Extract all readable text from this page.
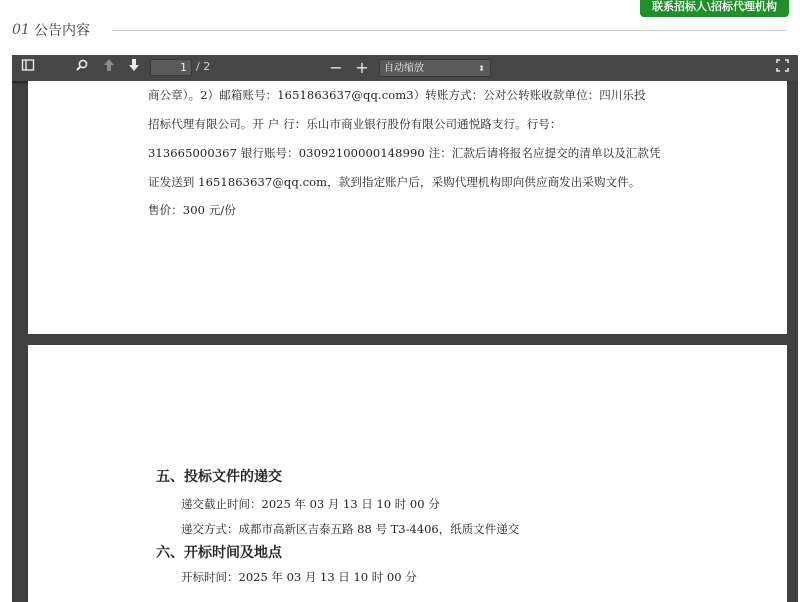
01 公告内容
联系招标人\招标代理机构
1 / 2	− +	自动缩放	⬍
商公章）。2）邮箱账号：1651863637@qq.com3）转账方式：公对公转账收款单位：四川乐投
招标代理有限公司。开 户 行：乐山市商业银行股份有限公司通悦路支行。行号：
313665000367 银行账号：03092100000148990 注：汇款后请将报名应提交的清单以及汇款凭
证发送到 1651863637@qq.com，款到指定账户后，采购代理机构即向供应商发出采购文件。
售价：300 元/份
五、投标文件的递交
递交截止时间：2025 年 03 月 13 日 10 时 00 分
递交方式：成都市高新区吉泰五路 88 号 T3-4406，纸质文件递交
六、开标时间及地点
开标时间：2025 年 03 月 13 日 10 时 00 分
